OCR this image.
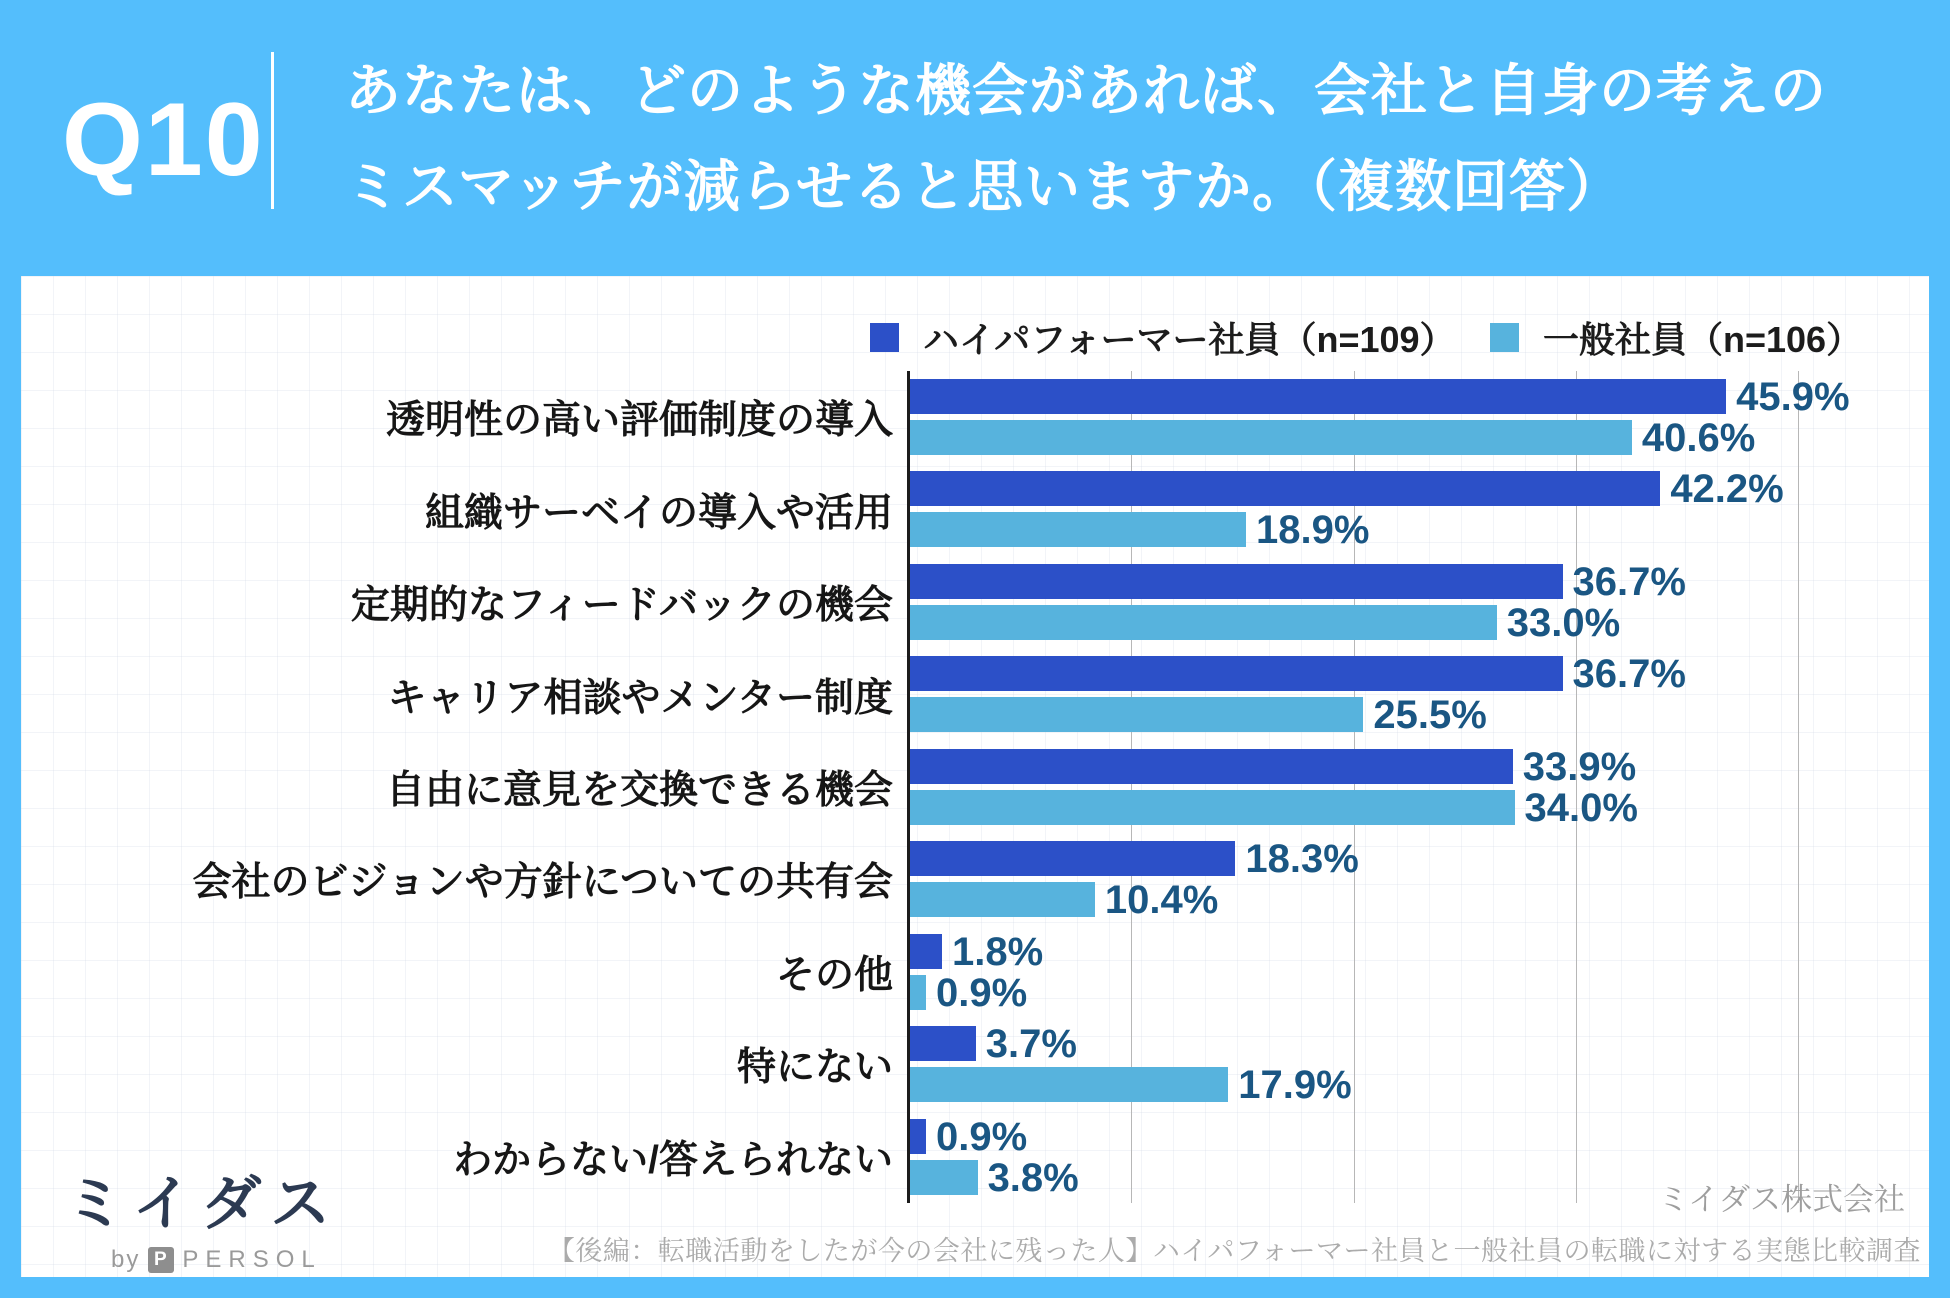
Q10 あなたは、どのような機会があれば、会社と自身の考えの
ミスマッチが減らせると思いますか。（複数回答）
ハイパフォーマー社員（n=109） 一般社員（n=106）
透明性の高い評価制度の導入
組織サーベイの導入や活用
定期的なフィードバックの機会
キャリア相談やメンター制度
自由に意見を交換できる機会
会社のビジョンや方針についての共有会
その他
特にない
わからない/答えられない
45.9%
40.6%
42.2%
18.9%
36.7%
33.0%
36.7%
25.5%
33.9%
34.0%
18.3%
10.4%
1.8%
0.9%
3.7%
17.9%
0.9%
3.8%
ミイダス
by P PERSOL
ミイダス株式会社
【後編：転職活動をしたが今の会社に残った人】ハイパフォーマー社員と一般社員の転職に対する実態比較調査
